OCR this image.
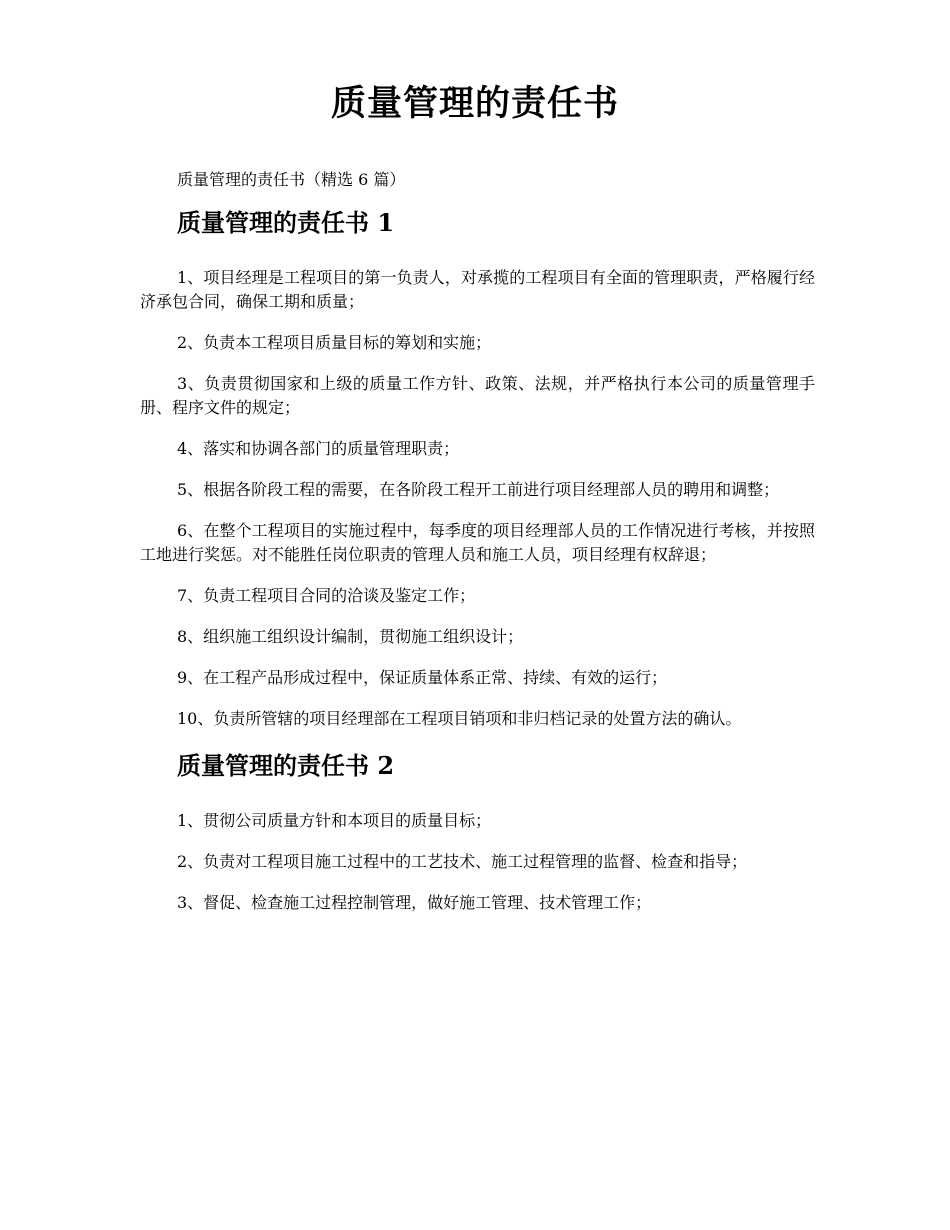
质量管理的责任书

质量管理的责任书（精选 6 篇）

质量管理的责任书 1

1、项目经理是工程项目的第一负责人，对承揽的工程项目有全面的管理职责，严格履行经济承包合同，确保工期和质量；

2、负责本工程项目质量目标的筹划和实施；

3、负责贯彻国家和上级的质量工作方针、政策、法规，并严格执行本公司的质量管理手册、程序文件的规定；

4、落实和协调各部门的质量管理职责；

5、根据各阶段工程的需要，在各阶段工程开工前进行项目经理部人员的聘用和调整；

6、在整个工程项目的实施过程中，每季度的项目经理部人员的工作情况进行考核，并按照工地进行奖惩。对不能胜任岗位职责的管理人员和施工人员，项目经理有权辞退；

7、负责工程项目合同的洽谈及鉴定工作；

8、组织施工组织设计编制，贯彻施工组织设计；

9、在工程产品形成过程中，保证质量体系正常、持续、有效的运行；

10、负责所管辖的项目经理部在工程项目销项和非归档记录的处置方法的确认。

质量管理的责任书 2

1、贯彻公司质量方针和本项目的质量目标；

2、负责对工程项目施工过程中的工艺技术、施工过程管理的监督、检查和指导；

3、督促、检查施工过程控制管理，做好施工管理、技术管理工作；
